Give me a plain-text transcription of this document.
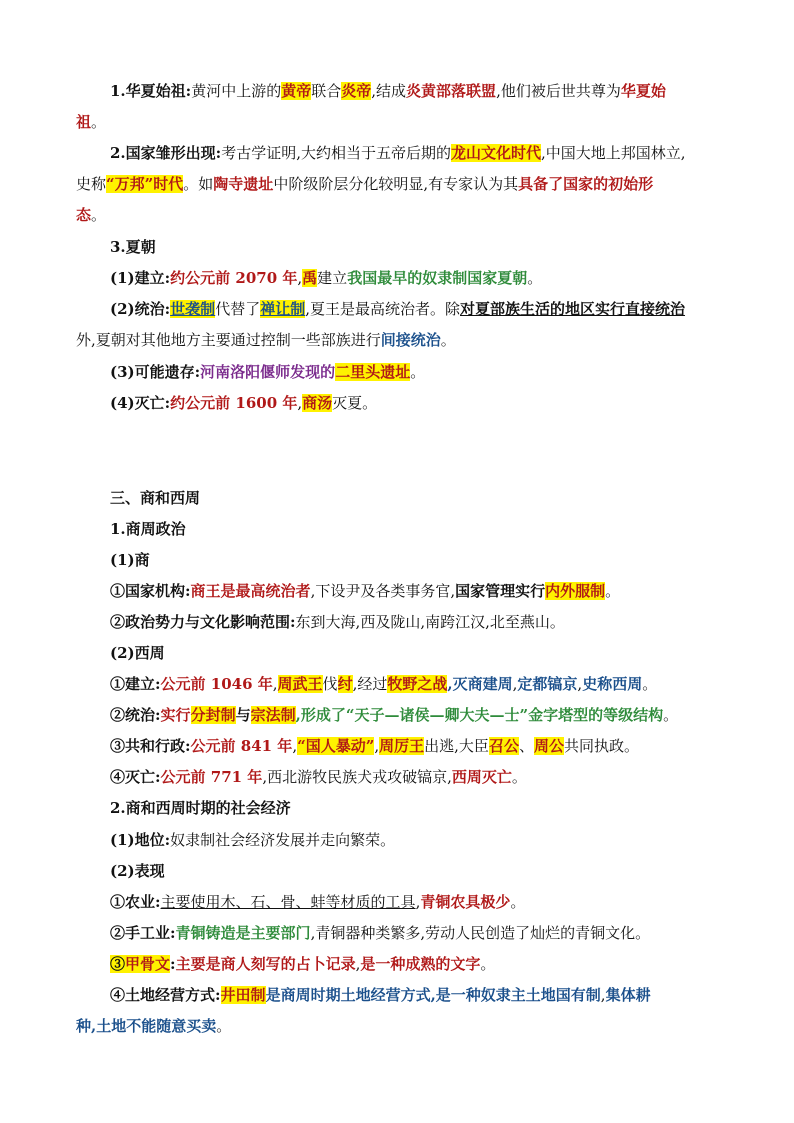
1.华夏始祖:黄河中上游的黄帝联合炎帝,结成炎黄部落联盟,他们被后世共尊为华夏始
祖。
2.国家雏形出现:考古学证明,大约相当于五帝后期的龙山文化时代,中国大地上邦国林立,
史称“万邦”时代。如陶寺遗址中阶级阶层分化较明显,有专家认为其具备了国家的初始形
态。
3.夏朝
(1)建立:约公元前 2070 年,禹建立我国最早的奴隶制国家夏朝。
(2)统治:世袭制代替了禅让制,夏王是最高统治者。除对夏部族生活的地区实行直接统治
外,夏朝对其他地方主要通过控制一些部族进行间接统治。
(3)可能遗存:河南洛阳偃师发现的二里头遗址。
(4)灭亡:约公元前 1600 年,商汤灭夏。
三、商和西周
1.商周政治
(1)商
①国家机构:商王是最高统治者,下设尹及各类事务官,国家管理实行内外服制。
②政治势力与文化影响范围:东到大海,西及陇山,南跨江汉,北至燕山。
(2)西周
①建立:公元前 1046 年,周武王伐纣,经过牧野之战,灭商建周,定都镐京,史称西周。
②统治:实行分封制与宗法制,形成了“天子—诸侯—卿大夫—士”金字塔型的等级结构。
③共和行政:公元前 841 年,“国人暴动”,周厉王出逃,大臣召公、周公共同执政。
④灭亡:公元前 771 年,西北游牧民族犬戎攻破镐京,西周灭亡。
2.商和西周时期的社会经济
(1)地位:奴隶制社会经济发展并走向繁荣。
(2)表现
①农业:主要使用木、石、骨、蚌等材质的工具,青铜农具极少。
②手工业:青铜铸造是主要部门,青铜器种类繁多,劳动人民创造了灿烂的青铜文化。
③甲骨文:主要是商人刻写的占卜记录,是一种成熟的文字。
④土地经营方式:井田制是商周时期土地经营方式,是一种奴隶主土地国有制,集体耕
种,土地不能随意买卖。
